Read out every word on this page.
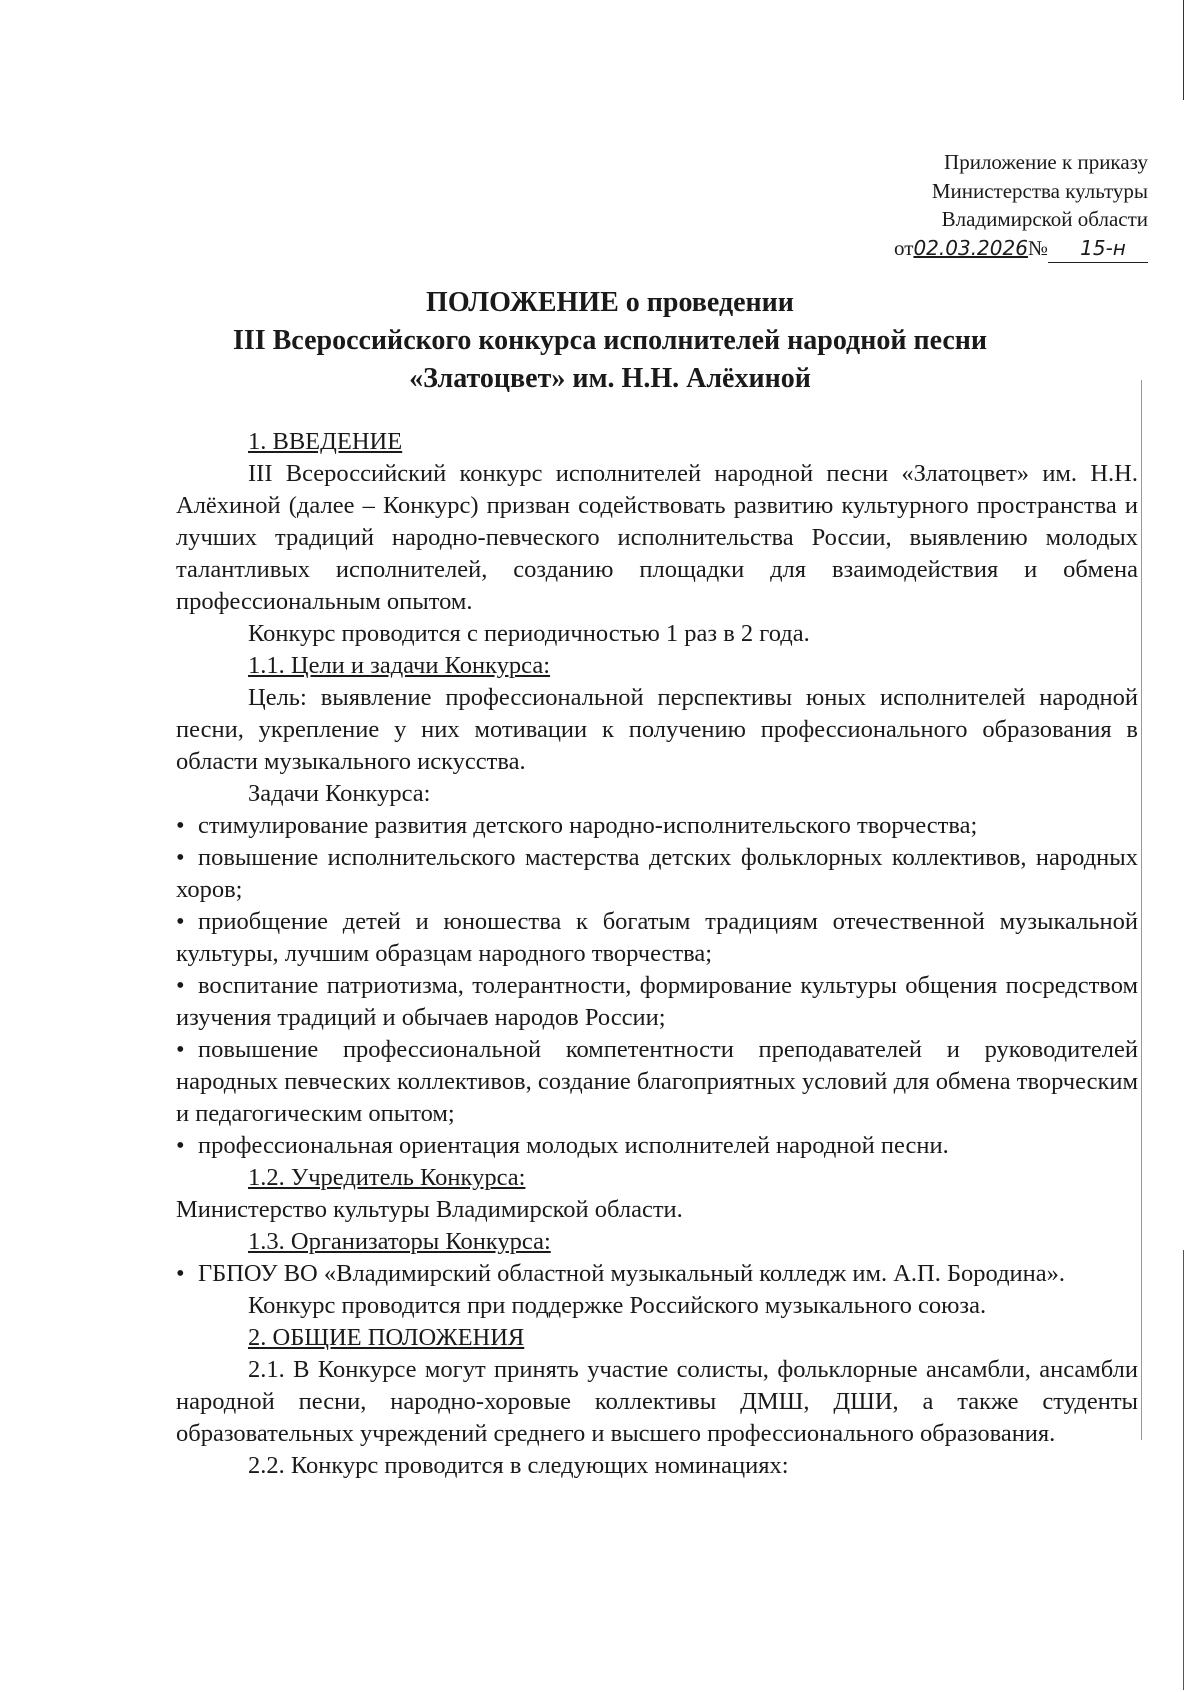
Приложение к приказу
Министерства культуры
Владимирской области
от02.03.2026№ 15-н
ПОЛОЖЕНИЕ о проведении
III Всероссийского конкурса исполнителей народной песни
«Златоцвет» им. Н.Н. Алёхиной

1. ВВЕДЕНИЕ

III Всероссийский конкурс исполнителей народной песни «Златоцвет» им. Н.Н. Алёхиной (далее – Конкурс) призван содействовать развитию культурного пространства и лучших традиций народно-певческого исполнительства России, выявлению молодых талантливых исполнителей, созданию площадки для взаимодействия и обмена профессиональным опытом.

Конкурс проводится с периодичностью 1 раз в 2 года.

1.1. Цели и задачи Конкурса:

Цель: выявление профессиональной перспективы юных исполнителей народной песни, укрепление у них мотивации к получению профессионального образования в области музыкального искусства.

Задачи Конкурса:

• стимулирование развития детского народно-исполнительского творчества;

• повышение исполнительского мастерства детских фольклорных коллективов, народных хоров;

• приобщение детей и юношества к богатым традициям отечественной музыкальной культуры, лучшим образцам народного творчества;

• воспитание патриотизма, толерантности, формирование культуры общения посредством изучения традиций и обычаев народов России;

• повышение профессиональной компетентности преподавателей и руководителей народных певческих коллективов, создание благоприятных условий для обмена творческим и педагогическим опытом;

• профессиональная ориентация молодых исполнителей народной песни.

1.2. Учредитель Конкурса:

Министерство культуры Владимирской области.

1.3. Организаторы Конкурса:

• ГБПОУ ВО «Владимирский областной музыкальный колледж им. А.П. Бородина».

Конкурс проводится при поддержке Российского музыкального союза.

2. ОБЩИЕ ПОЛОЖЕНИЯ

2.1. В Конкурсе могут принять участие солисты, фольклорные ансамбли, ансамбли народной песни, народно-хоровые коллективы ДМШ, ДШИ, а также студенты образовательных учреждений среднего и высшего профессионального образования.

2.2. Конкурс проводится в следующих номинациях:
